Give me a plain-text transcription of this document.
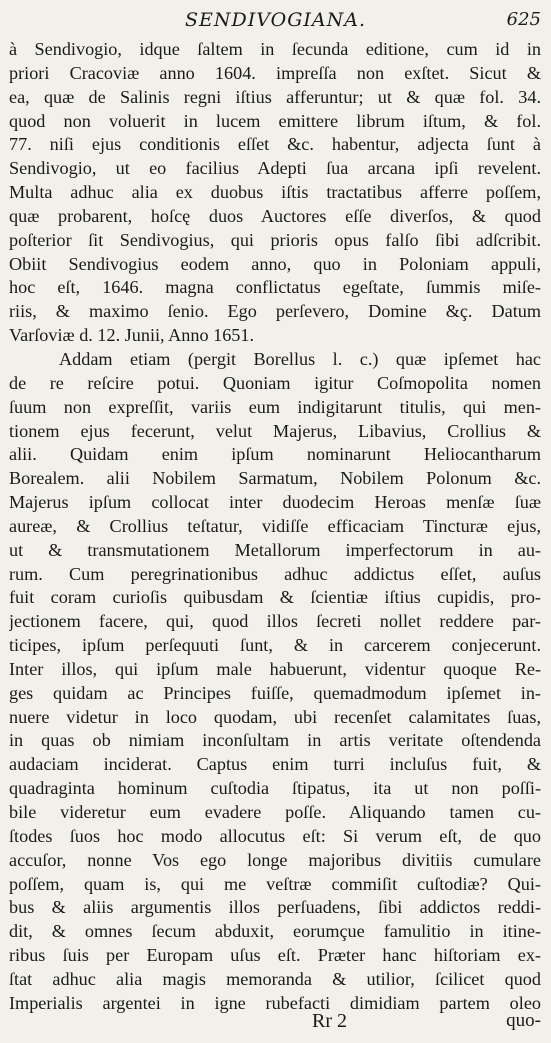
SENDIVOGIANA.	625
à Sendivogio, idque ſaltem in ſecunda editione, cum id in
priori Cracoviæ anno 1604. impreſſa non exſtet. Sicut &
ea, quæ de Salinis regni iſtius afferuntur; ut & quæ fol. 34.
quod non voluerit in lucem emittere librum iſtum, & fol.
77. niſi ejus conditionis eſſet &c. habentur, adjecta ſunt à
Sendivogio, ut eo facilius Adepti ſua arcana ipſi revelent.
Multa adhuc alia ex duobus iſtis tractatibus afferre poſſem,
quæ probarent, hoſcę duos Auctores eſſe diverſos, & quod
poſterior ſit Sendivogius, qui prioris opus falſo ſibi adſcribit.
Obiit Sendivogius eodem anno, quo in Poloniam appuli,
hoc eſt, 1646. magna conflictatus egeſtate, ſummis miſe-
riis, & maximo ſenio. Ego perſevero, Domine &ç. Datum
Varſoviæ d. 12. Junii, Anno 1651.
Addam etiam (pergit Borellus l. c.) quæ ipſemet hac
de re reſcire potui. Quoniam igitur Coſmopolita nomen
ſuum non expreſſit, variis eum indigitarunt titulis, qui men-
tionem ejus fecerunt, velut Majerus, Libavius, Crollius &
alii. Quidam enim ipſum nominarunt Heliocantharum
Borealem. alii Nobilem Sarmatum, Nobilem Polonum &c.
Majerus ipſum collocat inter duodecim Heroas menſæ ſuæ
aureæ, & Crollius teſtatur, vidiſſe efficaciam Tincturæ ejus,
ut & transmutationem Metallorum imperfectorum in au-
rum. Cum peregrinationibus adhuc addictus eſſet, auſus
fuit coram curioſis quibusdam & ſcientiæ iſtius cupidis, pro-
jectionem facere, qui, quod illos ſecreti nollet reddere par-
ticipes, ipſum perſequuti ſunt, & in carcerem conjecerunt.
Inter illos, qui ipſum male habuerunt, videntur quoque Re-
ges quidam ac Principes fuiſſe, quemadmodum ipſemet in-
nuere videtur in loco quodam, ubi recenſet calamitates ſuas,
in quas ob nimiam inconſultam in artis veritate oſtendenda
audaciam inciderat. Captus enim turri incluſus fuit, &
quadraginta hominum cuſtodia ſtipatus, ita ut non poſſi-
bile videretur eum evadere poſſe. Aliquando tamen cu-
ſtodes ſuos hoc modo allocutus eſt: Si verum eſt, de quo
accuſor, nonne Vos ego longe majoribus divitiis cumulare
poſſem, quam is, qui me veſtræ commiſit cuſtodiæ? Qui-
bus & aliis argumentis illos perſuadens, ſibi addictos reddi-
dit, & omnes ſecum abduxit, eorumçue famulitio in itine-
ribus ſuis per Europam uſus eſt. Præter hanc hiſtoriam ex-
ſtat adhuc alia magis memoranda & utilior, ſcilicet quod
Imperialis argentei in igne rubefacti dimidiam partem oleo
Rr 2	quo-
